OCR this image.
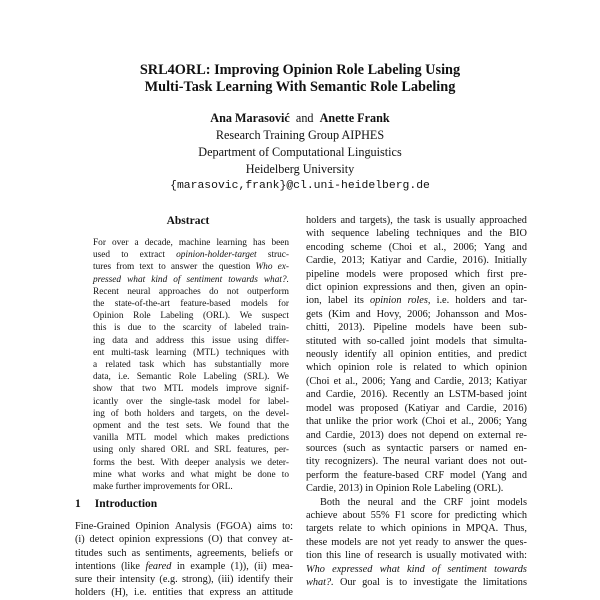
SRL4ORL: Improving Opinion Role Labeling Using
Multi-Task Learning With Semantic Role Labeling
Ana Marasović and Anette Frank
Research Training Group AIPHES
Department of Computational Linguistics
Heidelberg University
{marasovic,frank}@cl.uni-heidelberg.de
Abstract
For over a decade, machine learning has been
used to extract opinion-holder-target struc-
tures from text to answer the question Who ex-
pressed what kind of sentiment towards what?.
Recent neural approaches do not outperform
the state-of-the-art feature-based models for
Opinion Role Labeling (ORL). We suspect
this is due to the scarcity of labeled train-
ing data and address this issue using differ-
ent multi-task learning (MTL) techniques with
a related task which has substantially more
data, i.e. Semantic Role Labeling (SRL). We
show that two MTL models improve signif-
icantly over the single-task model for label-
ing of both holders and targets, on the devel-
opment and the test sets. We found that the
vanilla MTL model which makes predictions
using only shared ORL and SRL features, per-
forms the best. With deeper analysis we deter-
mine what works and what might be done to
make further improvements for ORL.
1 Introduction
Fine-Grained Opinion Analysis (FGOA) aims to:
(i) detect opinion expressions (O) that convey at-
titudes such as sentiments, agreements, beliefs or
intentions (like feared in example (1)), (ii) mea-
sure their intensity (e.g. strong), (iii) identify their
holders (H), i.e. entities that express an attitude
holders and targets), the task is usually approached
with sequence labeling techniques and the BIO
encoding scheme (Choi et al., 2006; Yang and
Cardie, 2013; Katiyar and Cardie, 2016). Initially
pipeline models were proposed which first pre-
dict opinion expressions and then, given an opin-
ion, label its opinion roles, i.e. holders and tar-
gets (Kim and Hovy, 2006; Johansson and Mos-
chitti, 2013). Pipeline models have been sub-
stituted with so-called joint models that simulta-
neously identify all opinion entities, and predict
which opinion role is related to which opinion
(Choi et al., 2006; Yang and Cardie, 2013; Katiyar
and Cardie, 2016). Recently an LSTM-based joint
model was proposed (Katiyar and Cardie, 2016)
that unlike the prior work (Choi et al., 2006; Yang
and Cardie, 2013) does not depend on external re-
sources (such as syntactic parsers or named en-
tity recognizers). The neural variant does not out-
perform the feature-based CRF model (Yang and
Cardie, 2013) in Opinion Role Labeling (ORL).
Both the neural and the CRF joint models
achieve about 55% F1 score for predicting which
targets relate to which opinions in MPQA. Thus,
these models are not yet ready to answer the ques-
tion this line of research is usually motivated with:
Who expressed what kind of sentiment towards
what?. Our goal is to investigate the limitations
